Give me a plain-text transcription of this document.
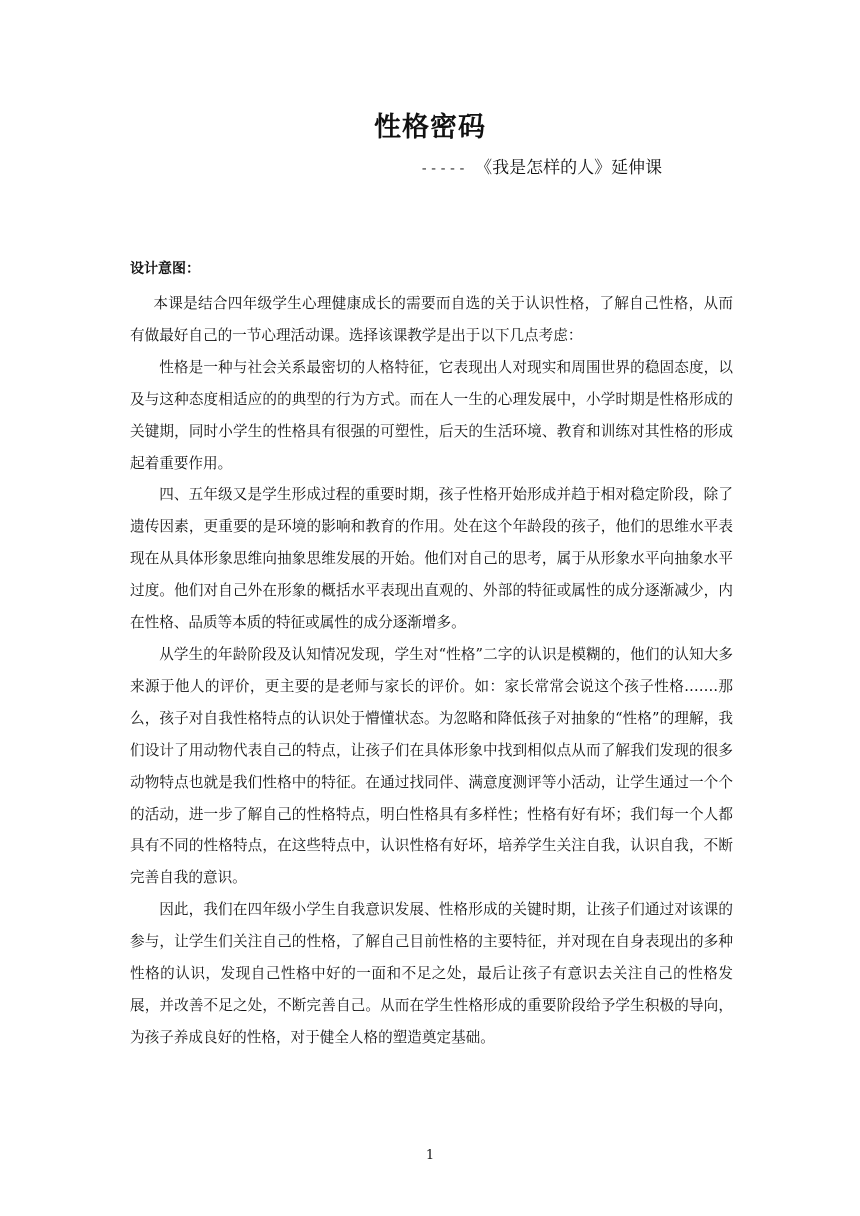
性格密码
----- 《我是怎样的人》延伸课
设计意图：

本课是结合四年级学生心理健康成长的需要而自选的关于认识性格，了解自己性格，从而有做最好自己的一节心理活动课。选择该课教学是出于以下几点考虑：

性格是一种与社会关系最密切的人格特征，它表现出人对现实和周围世界的稳固态度，以及与这种态度相适应的的典型的行为方式。而在人一生的心理发展中，小学时期是性格形成的关键期，同时小学生的性格具有很强的可塑性，后天的生活环境、教育和训练对其性格的形成起着重要作用。

四、五年级又是学生形成过程的重要时期，孩子性格开始形成并趋于相对稳定阶段，除了遗传因素，更重要的是环境的影响和教育的作用。处在这个年龄段的孩子，他们的思维水平表现在从具体形象思维向抽象思维发展的开始。他们对自己的思考，属于从形象水平向抽象水平过度。他们对自己外在形象的概括水平表现出直观的、外部的特征或属性的成分逐渐减少，内在性格、品质等本质的特征或属性的成分逐渐增多。

从学生的年龄阶段及认知情况发现，学生对“性格”二字的认识是模糊的，他们的认知大多来源于他人的评价，更主要的是老师与家长的评价。如：家长常常会说这个孩子性格…….那么，孩子对自我性格特点的认识处于懵懂状态。为忽略和降低孩子对抽象的“性格”的理解，我们设计了用动物代表自己的特点，让孩子们在具体形象中找到相似点从而了解我们发现的很多动物特点也就是我们性格中的特征。在通过找同伴、满意度测评等小活动，让学生通过一个个的活动，进一步了解自己的性格特点，明白性格具有多样性；性格有好有坏；我们每一个人都具有不同的性格特点，在这些特点中，认识性格有好坏，培养学生关注自我，认识自我，不断完善自我的意识。

因此，我们在四年级小学生自我意识发展、性格形成的关键时期，让孩子们通过对该课的参与，让学生们关注自己的性格，了解自己目前性格的主要特征，并对现在自身表现出的多种性格的认识，发现自己性格中好的一面和不足之处，最后让孩子有意识去关注自己的性格发展，并改善不足之处，不断完善自己。从而在学生性格形成的重要阶段给予学生积极的导向，为孩子养成良好的性格，对于健全人格的塑造奠定基础。

1
